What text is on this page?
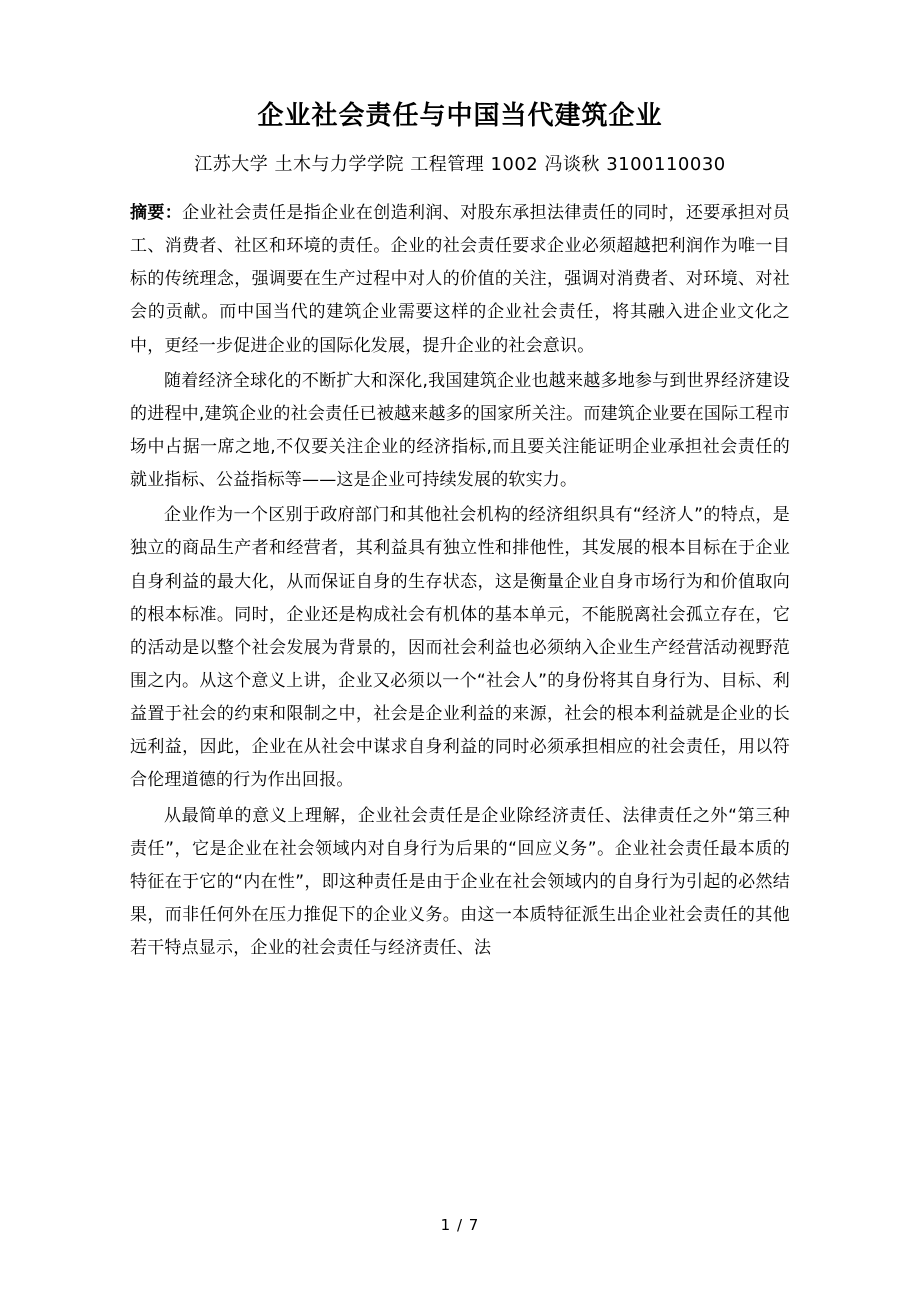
企业社会责任与中国当代建筑企业
江苏大学 土木与力学学院 工程管理 1002 冯谈秋 3100110030

摘要：企业社会责任是指企业在创造利润、对股东承担法律责任的同时，还要承担对员工、消费者、社区和环境的责任。企业的社会责任要求企业必须超越把利润作为唯一目标的传统理念，强调要在生产过程中对人的价值的关注，强调对消费者、对环境、对社会的贡献。而中国当代的建筑企业需要这样的企业社会责任，将其融入进企业文化之中，更经一步促进企业的国际化发展，提升企业的社会意识。

随着经济全球化的不断扩大和深化,我国建筑企业也越来越多地参与到世界经济建设的进程中,建筑企业的社会责任已被越来越多的国家所关注。而建筑企业要在国际工程市场中占据一席之地,不仅要关注企业的经济指标,而且要关注能证明企业承担社会责任的就业指标、公益指标等——这是企业可持续发展的软实力。

企业作为一个区别于政府部门和其他社会机构的经济组织具有“经济人”的特点，是独立的商品生产者和经营者，其利益具有独立性和排他性，其发展的根本目标在于企业自身利益的最大化，从而保证自身的生存状态，这是衡量企业自身市场行为和价值取向的根本标准。同时，企业还是构成社会有机体的基本单元，不能脱离社会孤立存在，它的活动是以整个社会发展为背景的，因而社会利益也必须纳入企业生产经营活动视野范围之内。从这个意义上讲，企业又必须以一个“社会人”的身份将其自身行为、目标、利益置于社会的约束和限制之中，社会是企业利益的来源，社会的根本利益就是企业的长远利益，因此，企业在从社会中谋求自身利益的同时必须承担相应的社会责任，用以符合伦理道德的行为作出回报。

从最简单的意义上理解，企业社会责任是企业除经济责任、法律责任之外“第三种责任”，它是企业在社会领域内对自身行为后果的“回应义务”。企业社会责任最本质的特征在于它的“内在性”，即这种责任是由于企业在社会领域内的自身行为引起的必然结果，而非任何外在压力推促下的企业义务。由这一本质特征派生出企业社会责任的其他若干特点显示，企业的社会责任与经济责任、法

1 / 7
